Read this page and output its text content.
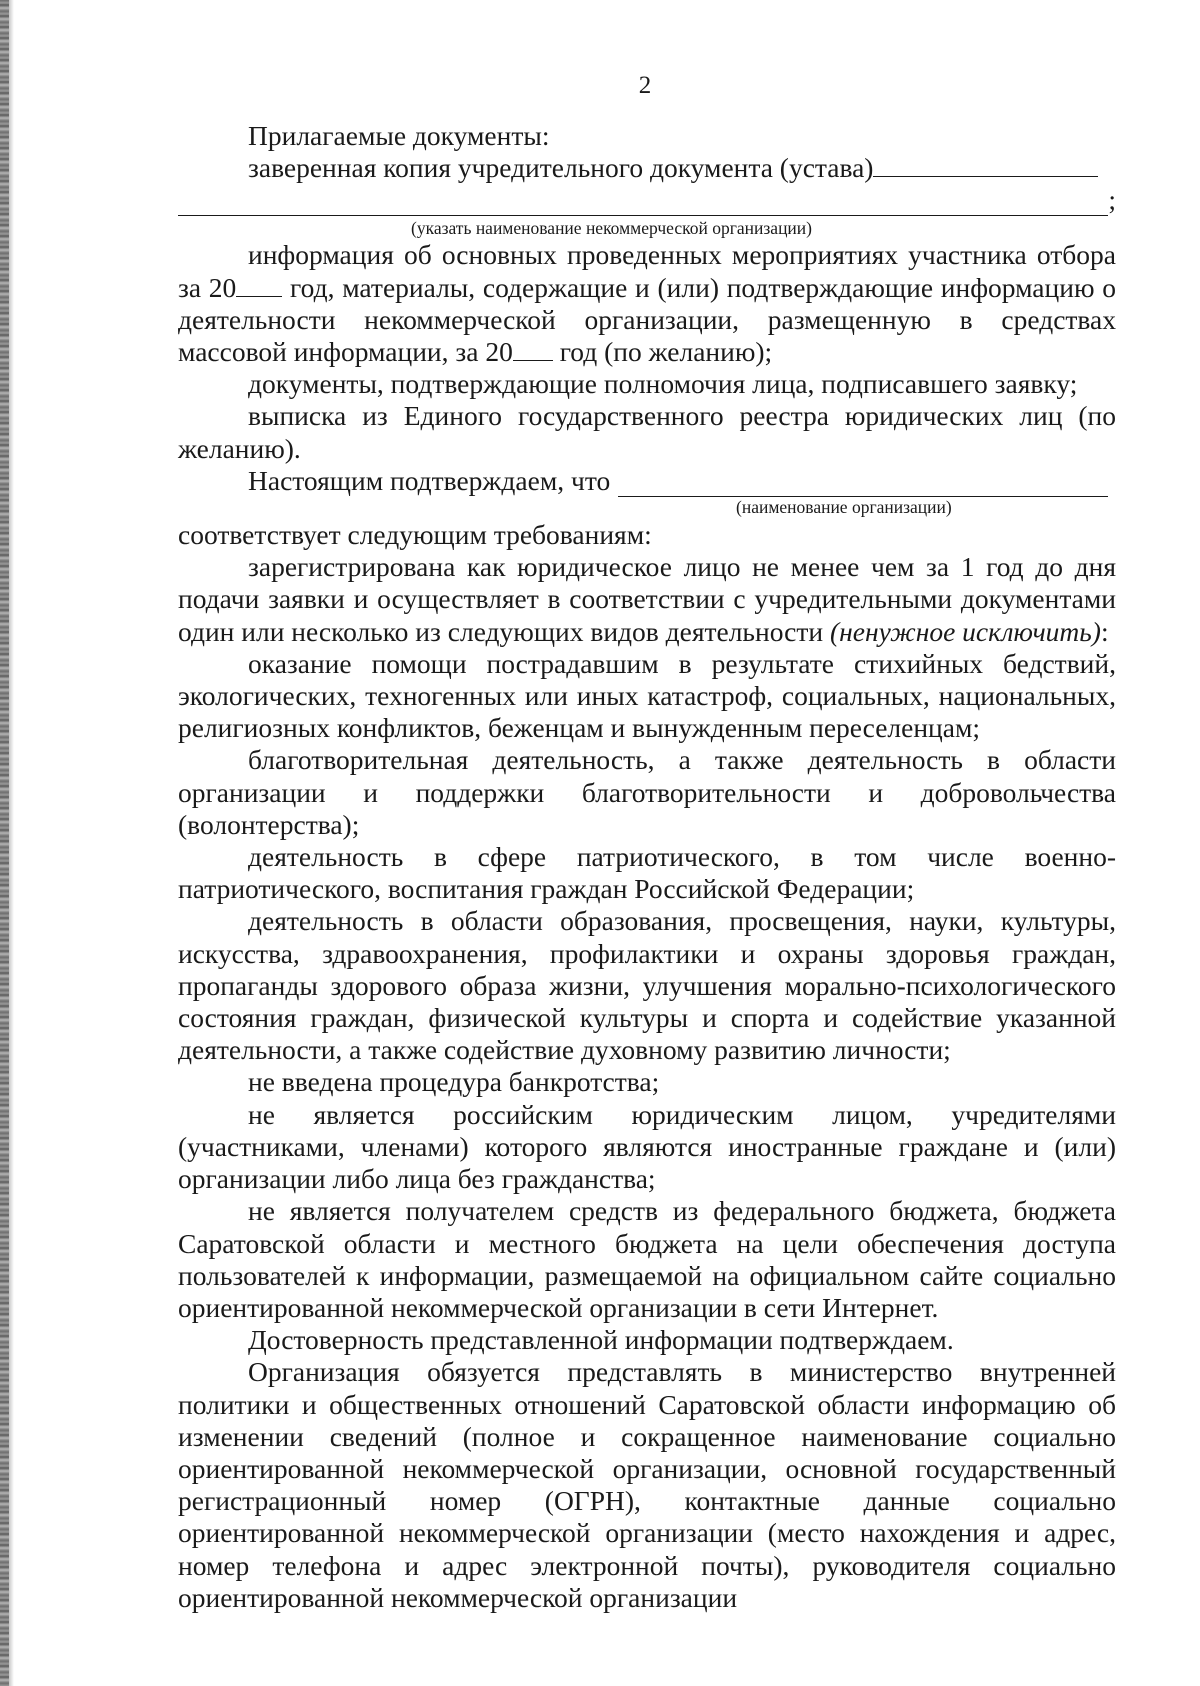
2

Прилагаемые документы:

заверенная копия учредительного документа (устава)

;
(указать наименование некоммерческой организации)

информация об основных проведенных мероприятиях участника отбора за 20 год, материалы, содержащие и (или) подтверждающие информацию о деятельности некоммерческой организации, размещенную в средствах массовой информации, за 20 год (по желанию);

документы, подтверждающие полномочия лица, подписавшего заявку;

выписка из Единого государственного реестра юридических лиц (по желанию).

Настоящим подтверждаем, что
(наименование организации)

соответствует следующим требованиям:

зарегистрирована как юридическое лицо не менее чем за 1 год до дня подачи заявки и осуществляет в соответствии с учредительными документами один или несколько из следующих видов деятельности (ненужное исключить):

оказание помощи пострадавшим в результате стихийных бедствий, экологических, техногенных или иных катастроф, социальных, национальных, религиозных конфликтов, беженцам и вынужденным переселенцам;

благотворительная деятельность, а также деятельность в области организации и поддержки благотворительности и добровольчества (волонтерства);

деятельность в сфере патриотического, в том числе военно-патриотического, воспитания граждан Российской Федерации;

деятельность в области образования, просвещения, науки, культуры, искусства, здравоохранения, профилактики и охраны здоровья граждан, пропаганды здорового образа жизни, улучшения морально-психологического состояния граждан, физической культуры и спорта и содействие указанной деятельности, а также содействие духовному развитию личности;

не введена процедура банкротства;

не является российским юридическим лицом, учредителями (участниками, членами) которого являются иностранные граждане и (или) организации либо лица без гражданства;

не является получателем средств из федерального бюджета, бюджета Саратовской области и местного бюджета на цели обеспечения доступа пользователей к информации, размещаемой на официальном сайте социально ориентированной некоммерческой организации в сети Интернет.

Достоверность представленной информации подтверждаем.

Организация обязуется представлять в министерство внутренней политики и общественных отношений Саратовской области информацию об изменении сведений (полное и сокращенное наименование социально ориентированной некоммерческой организации, основной государственный регистрационный номер (ОГРН), контактные данные социально ориентированной некоммерческой организации (место нахождения и адрес, номер телефона и адрес электронной почты), руководителя социально ориентированной некоммерческой организации
